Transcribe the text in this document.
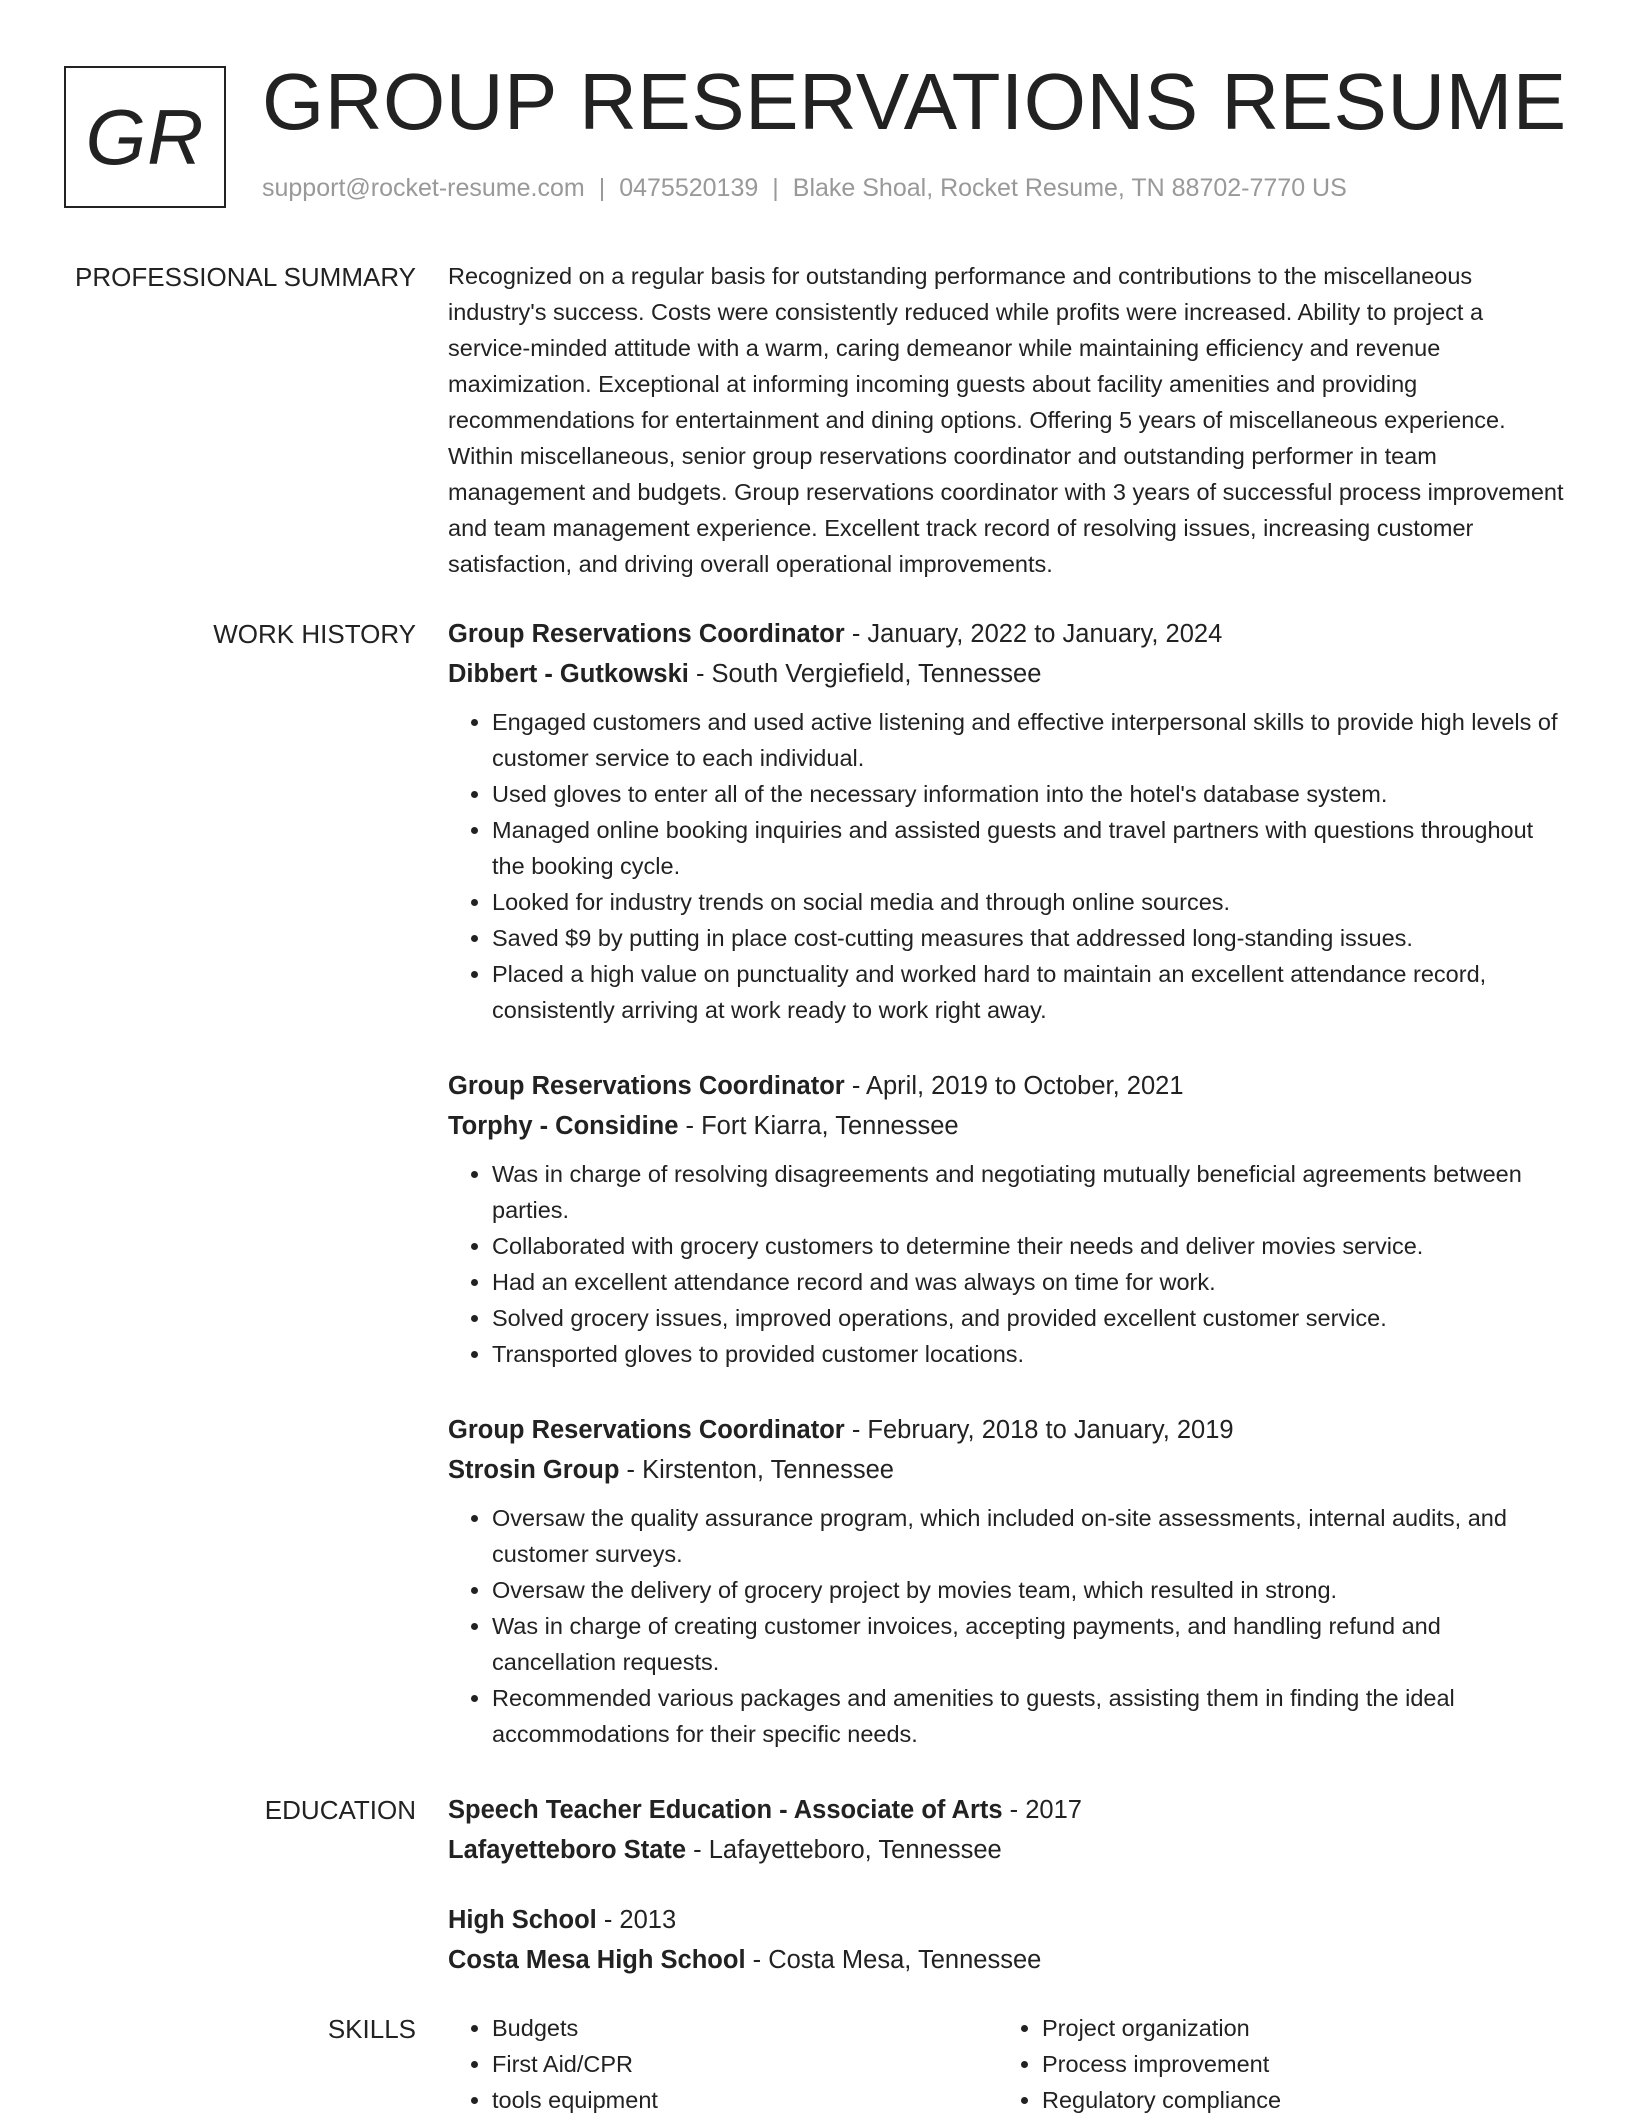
GR GROUP RESERVATIONS RESUME
support@rocket-resume.com | 0475520139 | Blake Shoal, Rocket Resume, TN 88702-7770 US
PROFESSIONAL SUMMARY Recognized on a regular basis for outstanding performance and contributions to the miscellaneous industry's success. Costs were consistently reduced while profits were increased. Ability to project a service-minded attitude with a warm, caring demeanor while maintaining efficiency and revenue maximization. Exceptional at informing incoming guests about facility amenities and providing recommendations for entertainment and dining options. Offering 5 years of miscellaneous experience. Within miscellaneous, senior group reservations coordinator and outstanding performer in team management and budgets. Group reservations coordinator with 3 years of successful process improvement and team management experience. Excellent track record of resolving issues, increasing customer satisfaction, and driving overall operational improvements.

WORK HISTORY Group Reservations Coordinator - January, 2022 to January, 2024

Dibbert - Gutkowski - South Vergiefield, Tennessee

• Engaged customers and used active listening and effective interpersonal skills to provide high levels of customer service to each individual.
• Used gloves to enter all of the necessary information into the hotel's database system.
• Managed online booking inquiries and assisted guests and travel partners with questions throughout the booking cycle.
• Looked for industry trends on social media and through online sources.
• Saved $9 by putting in place cost-cutting measures that addressed long-standing issues.
• Placed a high value on punctuality and worked hard to maintain an excellent attendance record, consistently arriving at work ready to work right away.

Group Reservations Coordinator - April, 2019 to October, 2021

Torphy - Considine - Fort Kiarra, Tennessee

• Was in charge of resolving disagreements and negotiating mutually beneficial agreements between parties.
• Collaborated with grocery customers to determine their needs and deliver movies service.
• Had an excellent attendance record and was always on time for work.
• Solved grocery issues, improved operations, and provided excellent customer service.
• Transported gloves to provided customer locations.

Group Reservations Coordinator - February, 2018 to January, 2019

Strosin Group - Kirstenton, Tennessee

• Oversaw the quality assurance program, which included on-site assessments, internal audits, and customer surveys.
• Oversaw the delivery of grocery project by movies team, which resulted in strong.
• Was in charge of creating customer invoices, accepting payments, and handling refund and cancellation requests.
• Recommended various packages and amenities to guests, assisting them in finding the ideal accommodations for their specific needs.
EDUCATION Speech Teacher Education - Associate of Arts - 2017

Lafayetteboro State - Lafayetteboro, Tennessee

High School - 2013

Costa Mesa High School - Costa Mesa, Tennessee

SKILLS
•	Budgets
• First Aid/CPR
• tools equipment
• Project organization
• Process improvement
• Regulatory compliance
